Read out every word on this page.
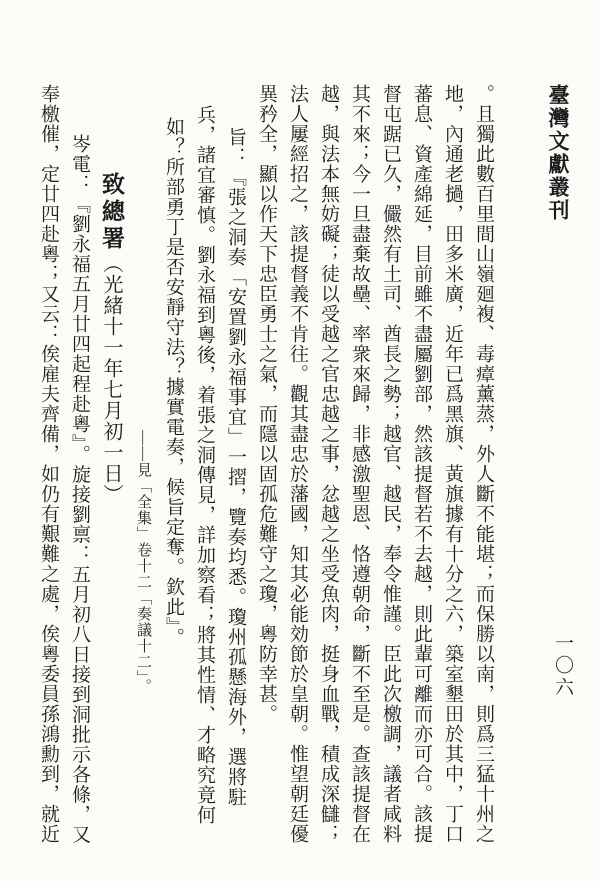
臺灣文獻叢刊
一〇六
。且獨此數百里間山嶺廻複、毒瘴薰蒸，外人斷不能堪；而保勝以南，則爲三猛十州之
地，內通老撾，田多米廣，近年已爲黑旗、黃旗據有十分之六，築室墾田於其中，丁口
蕃息、資產綿延，目前雖不盡屬劉部，然該提督若不去越，則此輩可離而亦可合。該提
督屯踞已久，儼然有土司、酋長之勢；越官、越民，奉令惟謹。臣此次檄調，議者咸料
其不來；今一旦盡棄故壘、率衆來歸，非感激聖恩、恪遵朝命，斷不至是。查該提督在
越，與法本無妨礙；徒以受越之官忠越之事，忿越之坐受魚肉，挺身血戰，積成深讎；
法人屢經招之，該提督義不肯往。觀其盡忠於藩國，知其必能効節於皇朝。惟望朝廷優
異矜全，顯以作天下忠臣勇士之氣，而隱以固孤危難守之瓊，粵防幸甚。
旨：『張之洞奏「安置劉永福事宜」一摺，覽奏均悉。瓊州孤懸海外，選將駐
兵，諸宜審慎。劉永福到粵後，着張之洞傳見，詳加察看；將其性情、才略究竟何
如？所部勇丁是否安靜守法？據實電奏，候旨定奪。欽此』。
——見「全集」卷十二「奏議十二」。
致總署（光緒十一年七月初一日）
岑電：『劉永福五月廿四起程赴粵』。旋接劉禀：五月初八日接到洞批示各條，又
奉檄催，定廿四赴粵；又云：俟雇夫齊備，如仍有艱難之處，俟粵委員孫鴻勳到，就近
